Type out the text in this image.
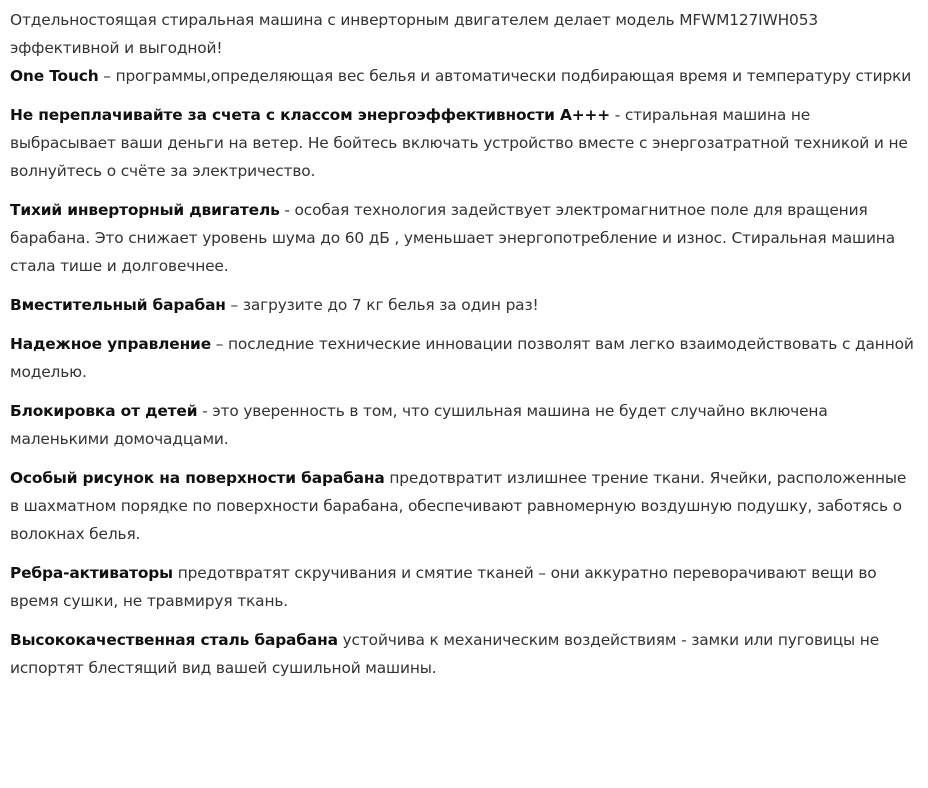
Отдельностоящая стиральная машина с инверторным двигателем делает модель MFWM127IWH053 эффективной и выгодной!

One Touch – программы,определяющая вес белья и автоматически подбирающая время и температуру стирки

Не переплачивайте за счета с классом энергоэффективности А+++ - стиральная машина не выбрасывает ваши деньги на ветер. Не бойтесь включать устройство вместе с энергозатратной техникой и не волнуйтесь о счёте за электричество.

Тихий инверторный двигатель - особая технология задействует электромагнитное поле для вращения барабана. Это снижает уровень шума до 60 дБ , уменьшает энергопотребление и износ. Стиральная машина стала тише и долговечнее.

Вместительный барабан – загрузите до 7 кг белья за один раз!

Надежное управление – последние технические инновации позволят вам легко взаимодействовать с данной моделью.

Блокировка от детей - это уверенность в том, что сушильная машина не будет случайно включена маленькими домочадцами.

Особый рисунок на поверхности барабана предотвратит излишнее трение ткани. Ячейки, расположенные в шахматном порядке по поверхности барабана, обеспечивают равномерную воздушную подушку, заботясь о волокнах белья.

Ребра-активаторы предотвратят скручивания и смятие тканей – они аккуратно переворачивают вещи во время сушки, не травмируя ткань.

Высококачественная сталь барабана устойчива к механическим воздействиям - замки или пуговицы не испортят блестящий вид вашей сушильной машины.
